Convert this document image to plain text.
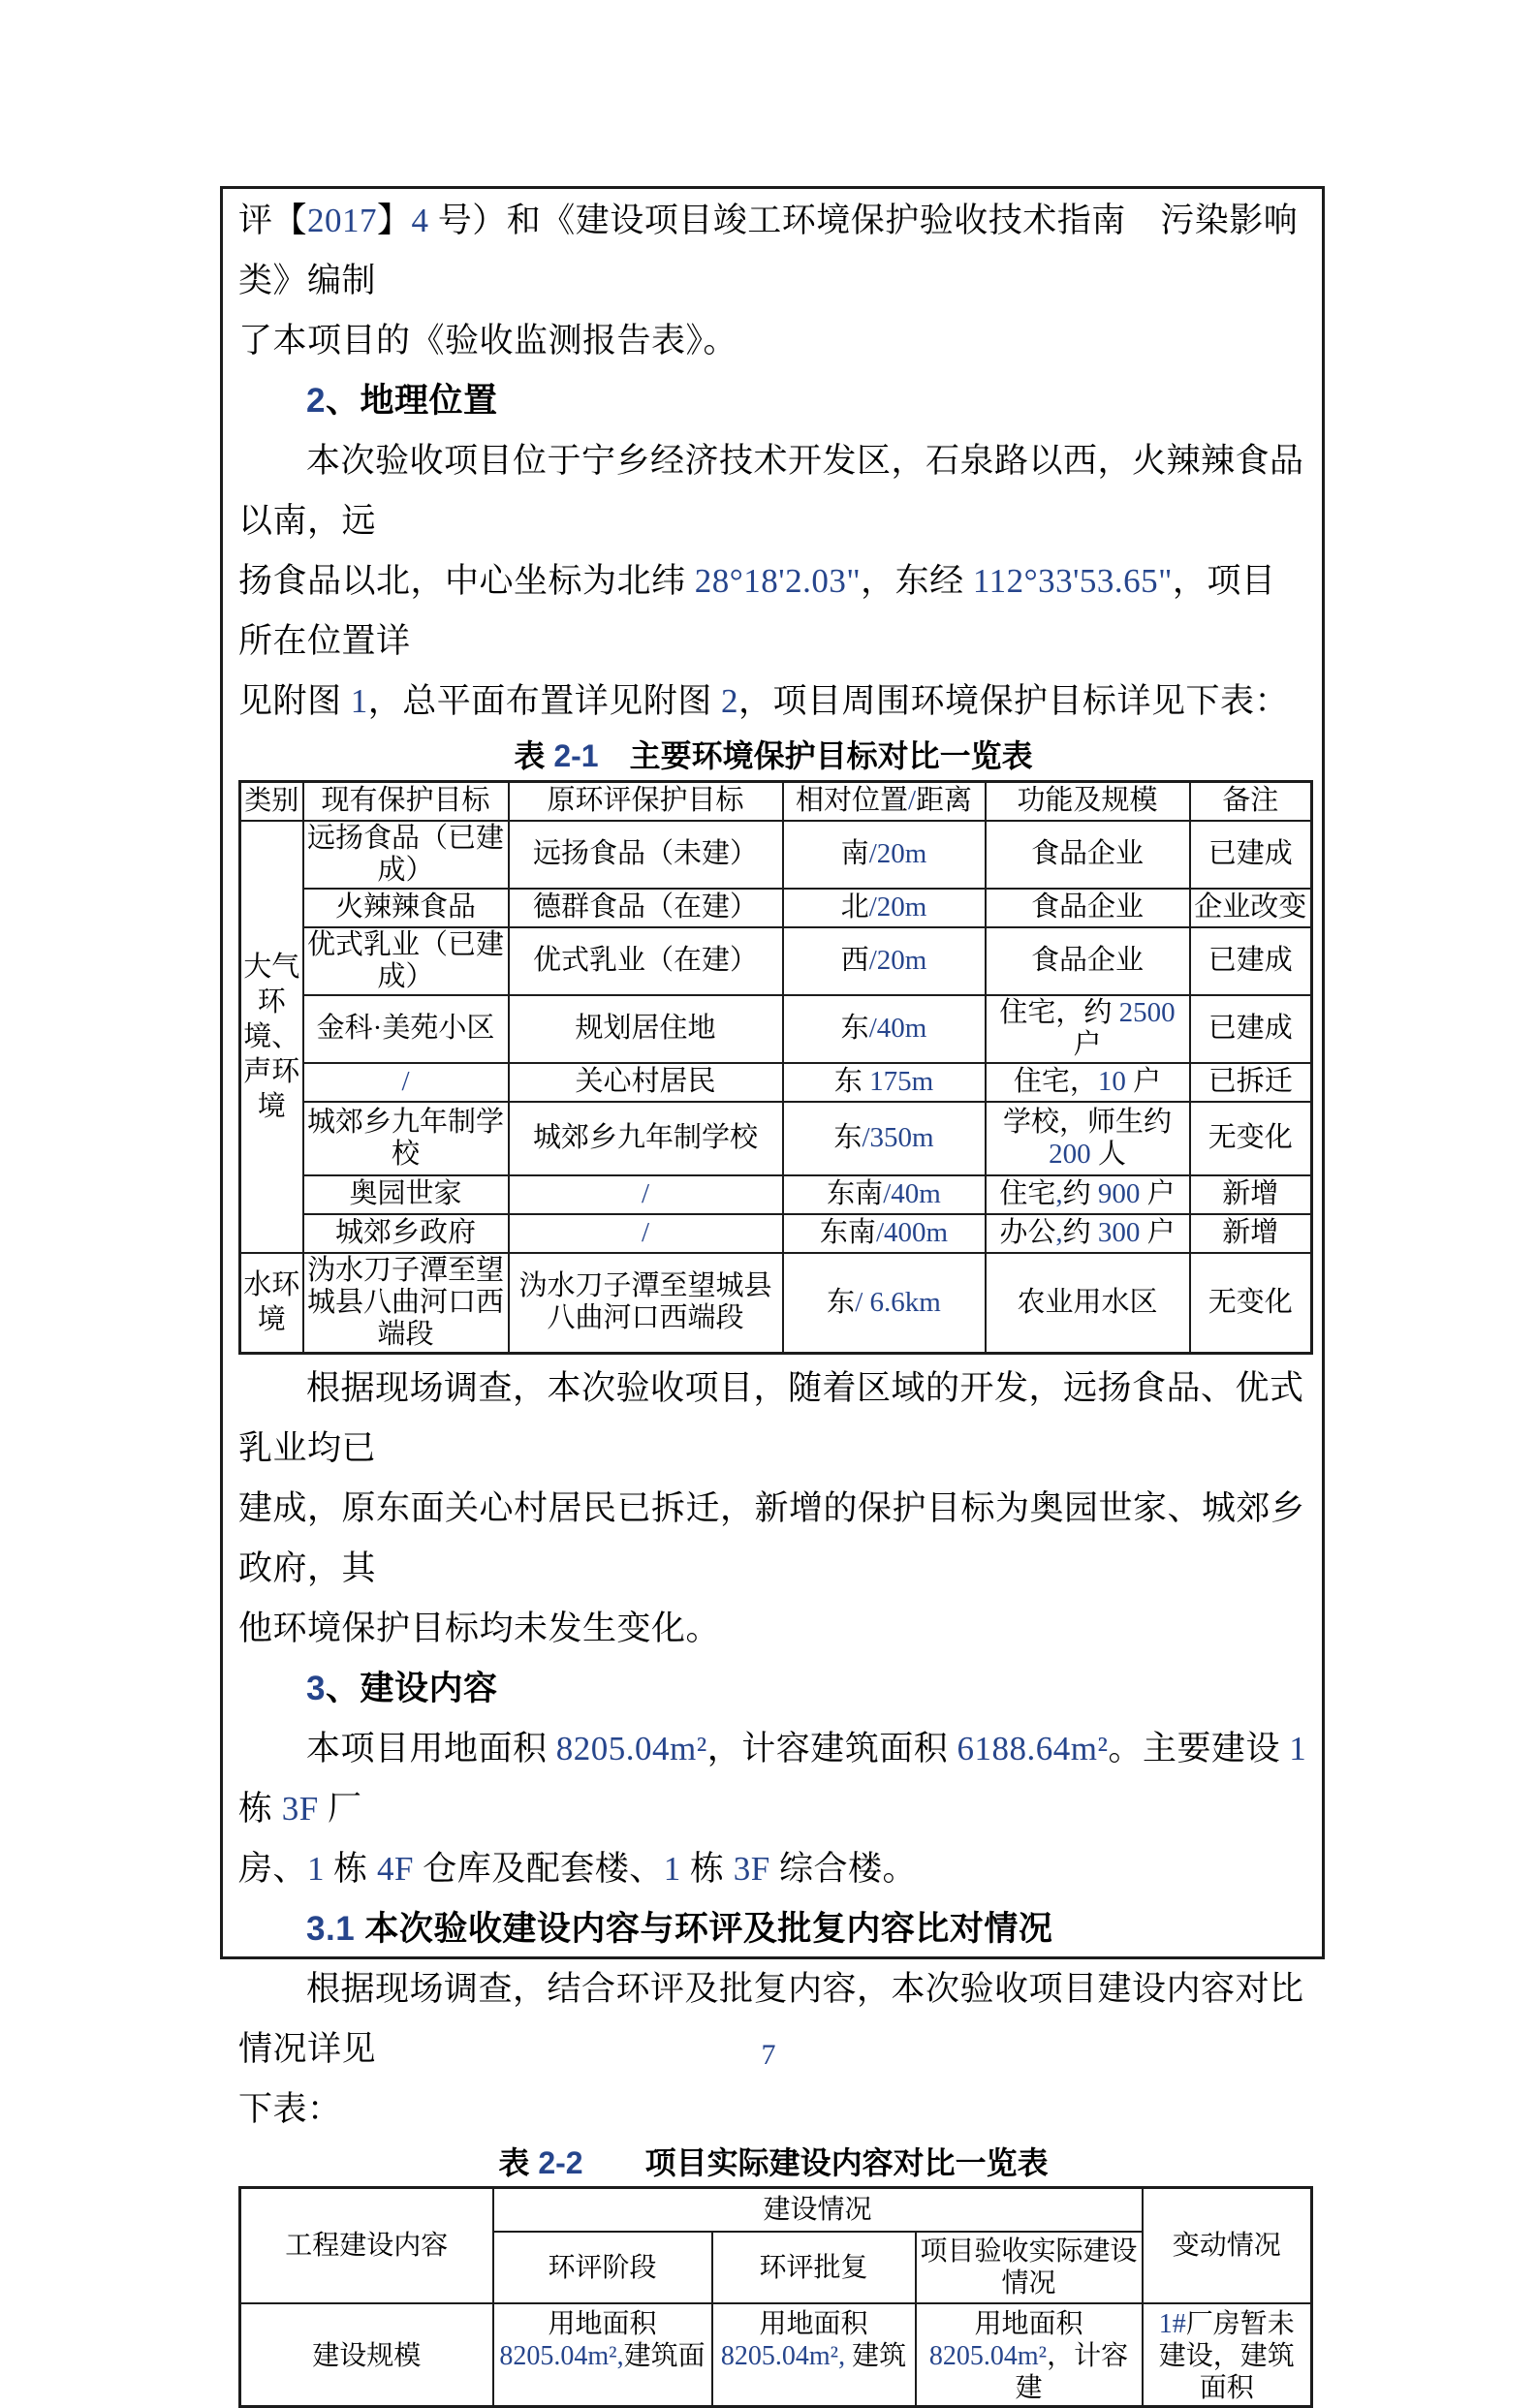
评【2017】4 号）和《建设项目竣工环境保护验收技术指南　污染影响类》编制
了本项目的《验收监测报告表》。
2、地理位置
本次验收项目位于宁乡经济技术开发区，石泉路以西，火辣辣食品以南，远
扬食品以北，中心坐标为北纬 28°18'2.03"，东经 112°33'53.65"，项目所在位置详
见附图 1，总平面布置详见附图 2，项目周围环境保护目标详见下表：
表 2-1　主要环境保护目标对比一览表
类别	现有保护目标	原环评保护目标	相对位置/距离	功能及规模	备注
大气环境、声环境	远扬食品（已建成）	远扬食品（未建）	南/20m	食品企业	已建成
	火辣辣食品	德群食品（在建）	北/20m	食品企业	企业改变
	优式乳业（已建成）	优式乳业（在建）	西/20m	食品企业	已建成
	金科·美苑小区	规划居住地	东/40m	住宅，约 2500 户	已建成
	/	关心村居民	东 175m	住宅，10 户	已拆迁
	城郊乡九年制学校	城郊乡九年制学校	东/350m	学校，师生约 200 人	无变化
	奥园世家	/	东南/40m	住宅,约 900 户	新增
	城郊乡政府	/	东南/400m	办公,约 300 户	新增
水环境	沩水刀子潭至望城县八曲河口西端段	沩水刀子潭至望城县八曲河口西端段	东/ 6.6km	农业用水区	无变化
根据现场调查，本次验收项目，随着区域的开发，远扬食品、优式乳业均已
建成，原东面关心村居民已拆迁，新增的保护目标为奥园世家、城郊乡政府，其
他环境保护目标均未发生变化。
3、建设内容
本项目用地面积 8205.04m²，计容建筑面积 6188.64m²。主要建设 1 栋 3F 厂
房、1 栋 4F 仓库及配套楼、1 栋 3F 综合楼。
3.1 本次验收建设内容与环评及批复内容比对情况
根据现场调查，结合环评及批复内容，本次验收项目建设内容对比情况详见
下表：
表 2-2　　项目实际建设内容对比一览表
工程建设内容	建设情况			变动情况
	环评阶段	环评批复	项目验收实际建设情况	
建设规模	用地面积 8205.04m²,建筑面	用地面积 8205.04m², 建筑	用地面积 8205.04m²，计容建	1#厂房暂未建设，建筑面积
7
